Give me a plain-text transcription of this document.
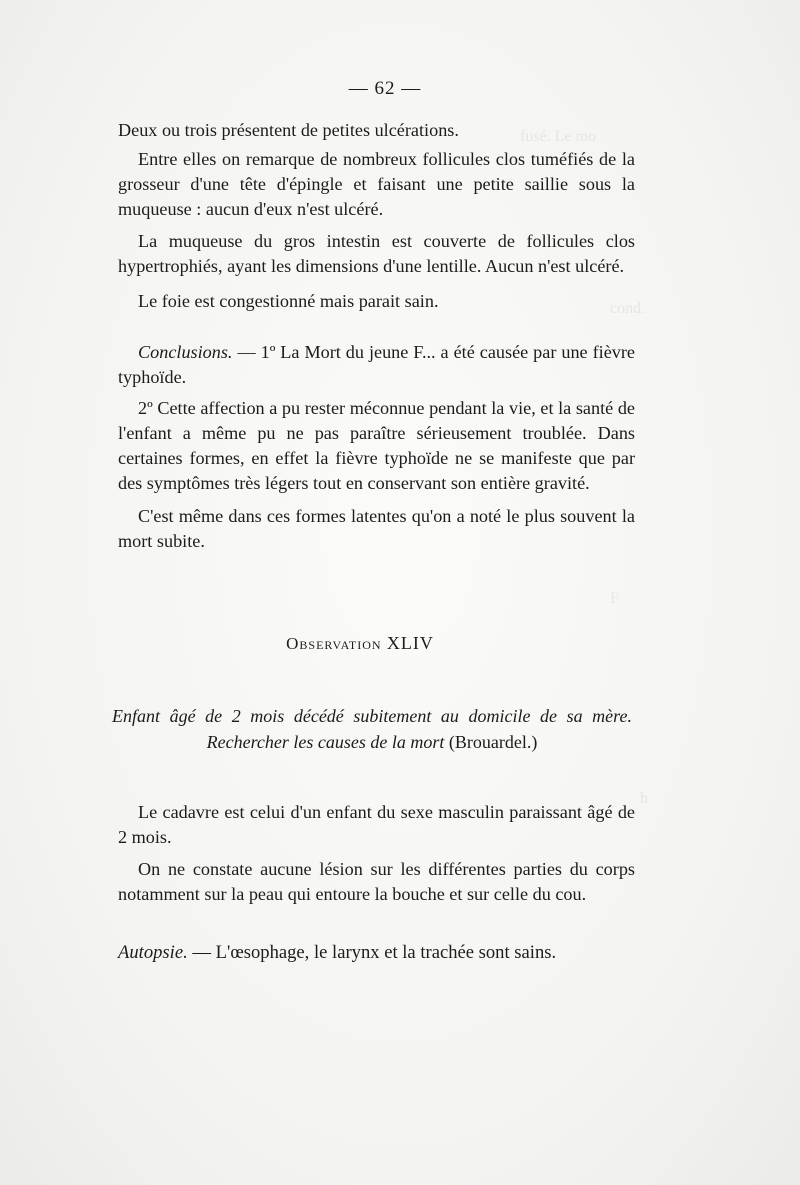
fusé. Le mo
cond.
F
h
— 62 —

Deux ou trois présentent de petites ulcérations.

Entre elles on remarque de nombreux follicules clos tuméfiés de la grosseur d'une tête d'épingle et faisant une petite saillie sous la muqueuse : aucun d'eux n'est ulcéré.

La muqueuse du gros intestin est couverte de follicules clos hypertrophiés, ayant les dimensions d'une lentille. Aucun n'est ulcéré.

Le foie est congestionné mais parait sain.

Conclusions. — 1º La Mort du jeune F... a été causée par une fièvre typhoïde.

2º Cette affection a pu rester méconnue pendant la vie, et la santé de l'enfant a même pu ne pas paraître sérieusement troublée. Dans certaines formes, en effet la fièvre typhoïde ne se manifeste que par des symptômes très légers tout en conservant son entière gravité.

C'est même dans ces formes latentes qu'on a noté le plus souvent la mort subite.

Observation XLIV
Enfant âgé de 2 mois décédé subitement au domicile de sa mère.
Rechercher les causes de la mort (Brouardel.)

Le cadavre est celui d'un enfant du sexe masculin paraissant âgé de 2 mois.

On ne constate aucune lésion sur les différentes parties du corps notamment sur la peau qui entoure la bouche et sur celle du cou.

Autopsie. — L'œsophage, le larynx et la trachée sont sains.
